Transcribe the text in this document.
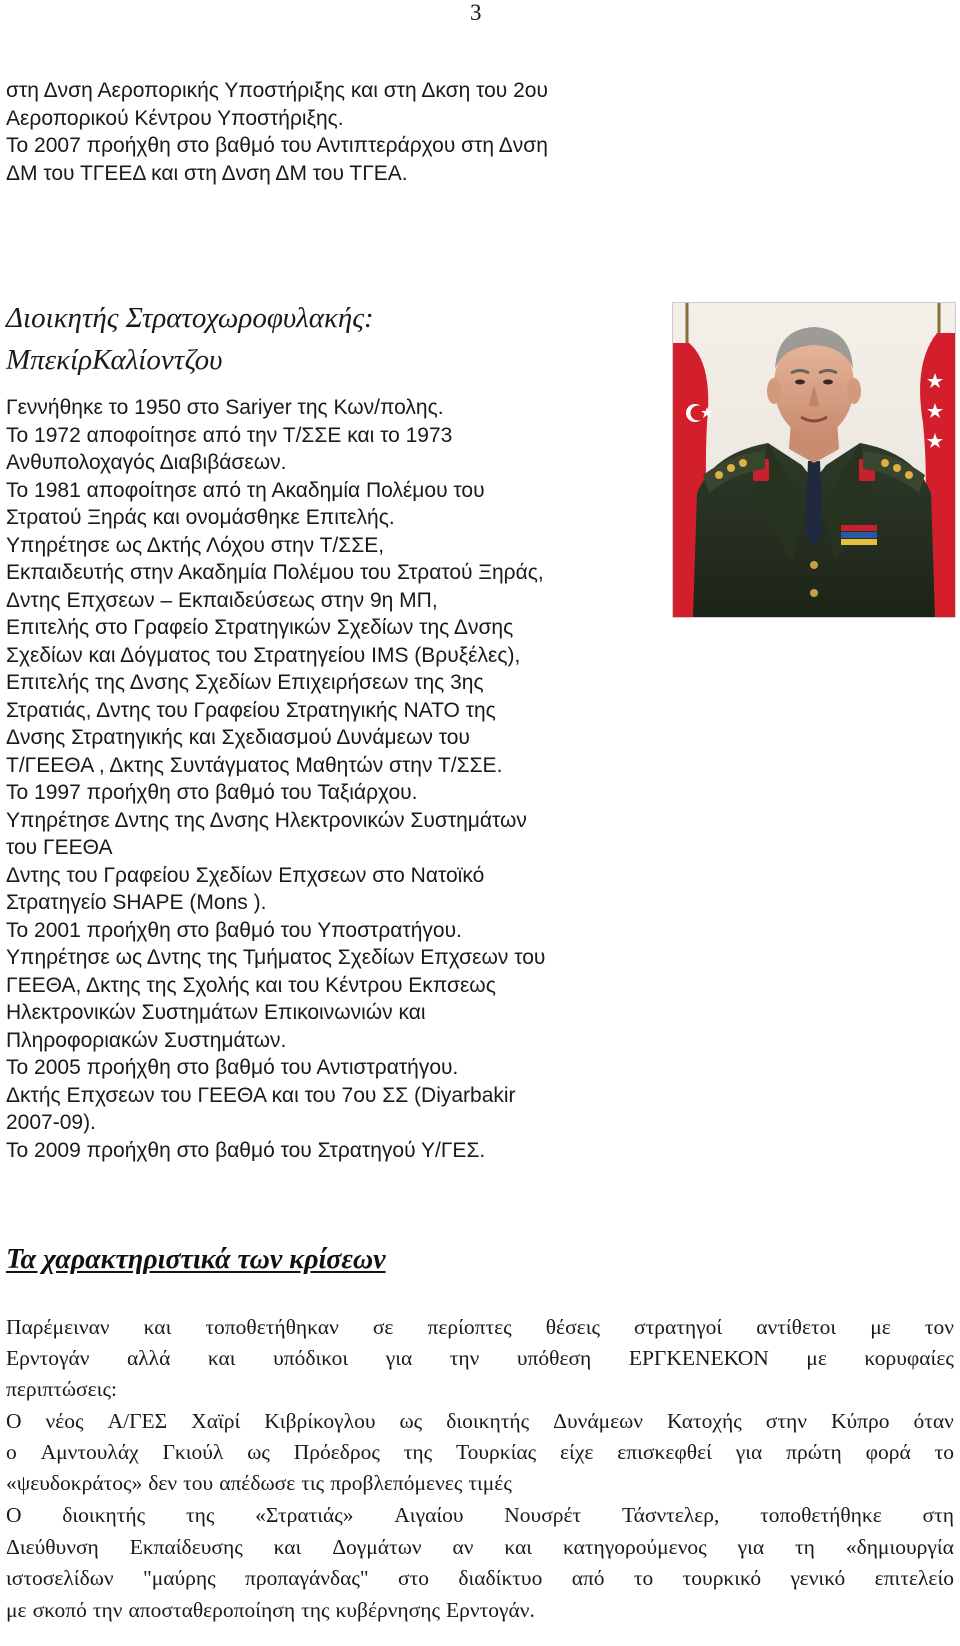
3
στη Δνση Αεροπορικής Υποστήριξης και στη Δκση του 2ου
Αεροπορικού Κέντρου Υποστήριξης.
Το 2007 προήχθη στο βαθμό του Αντιπτεράρχου στη Δνση
ΔΜ του ΤΓΕΕΔ και στη Δνση ΔΜ του ΤΓΕΑ.
Διοικητής Στρατοχωροφυλακής:
ΜπεκίρΚαλίοντζου
Γεννήθηκε το 1950 στο Sariyer της Κων/πολης.
Το 1972 αποφοίτησε από την Τ/ΣΣΕ και το 1973
Ανθυπολοχαγός Διαβιβάσεων.
Το 1981 αποφοίτησε από τη Ακαδημία Πολέμου του
Στρατού Ξηράς και ονομάσθηκε Επιτελής.
Υπηρέτησε ως Δκτής Λόχου στην Τ/ΣΣΕ,
Εκπαιδευτής στην Ακαδημία Πολέμου του Στρατού Ξηράς,
Δντης Επχσεων – Εκπαιδεύσεως στην 9η ΜΠ,
Επιτελής στο Γραφείο Στρατηγικών Σχεδίων της Δνσης
Σχεδίων και Δόγματος του Στρατηγείου IMS (Βρυξέλες),
Επιτελής της Δνσης Σχεδίων Επιχειρήσεων της 3ης
Στρατιάς, Δντης του Γραφείου Στρατηγικής ΝΑΤΟ της
Δνσης Στρατηγικής και Σχεδιασμού Δυνάμεων του
Τ/ΓΕΕΘΑ , Δκτης Συντάγματος Μαθητών στην Τ/ΣΣΕ.
Το 1997 προήχθη στο βαθμό του Ταξιάρχου.
Υπηρέτησε Δντης της Δνσης Ηλεκτρονικών Συστημάτων
του ΓΕΕΘΑ
Δντης του Γραφείου Σχεδίων Επχσεων στο Νατοϊκό
Στρατηγείο SHAPE (Mons ).
Το 2001 προήχθη στο βαθμό του Υποστρατήγου.
Υπηρέτησε ως Δντης της Τμήματος Σχεδίων Επχσεων του
ΓΕΕΘΑ, Δκτης της Σχολής και του Κέντρου Εκπσεως
Ηλεκτρονικών Συστημάτων Επικοινωνιών και
Πληροφοριακών Συστημάτων.
Το 2005 προήχθη στο βαθμό του Αντιστρατήγου.
Δκτής Επχσεων του ΓΕΕΘΑ και του 7ου ΣΣ (Diyarbakir
2007-09).
Το 2009 προήχθη στο βαθμό του Στρατηγού Υ/ΓΕΣ.
Τα χαρακτηριστικά των κρίσεων
Παρέμειναν και τοποθετήθηκαν σε περίοπτες θέσεις στρατηγοί αντίθετοι με τον
Ερντογάν αλλά και υπόδικοι για την υπόθεση ΕΡΓΚΕΝΕΚΟΝ με κορυφαίες
περιπτώσεις:
Ο νέος Α/ΓΕΣ Χαϊρί Κιβρίκογλου ως διοικητής Δυνάμεων Κατοχής στην Κύπρο όταν
ο Αμντουλάχ Γκιούλ ως Πρόεδρος της Τουρκίας είχε επισκεφθεί για πρώτη φορά το
«ψευδοκράτος» δεν του απέδωσε τις προβλεπόμενες τιμές
Ο διοικητής της «Στρατιάς» Αιγαίου Νουσρέτ Τάσντελερ, τοποθετήθηκε στη
Διεύθυνση Εκπαίδευσης και Δογμάτων αν και κατηγορούμενος για τη «δημιουργία
ιστοσελίδων "μαύρης προπαγάνδας" στο διαδίκτυο από το τουρκικό γενικό επιτελείο
με σκοπό την αποσταθεροποίηση της κυβέρνησης Ερντογάν.
